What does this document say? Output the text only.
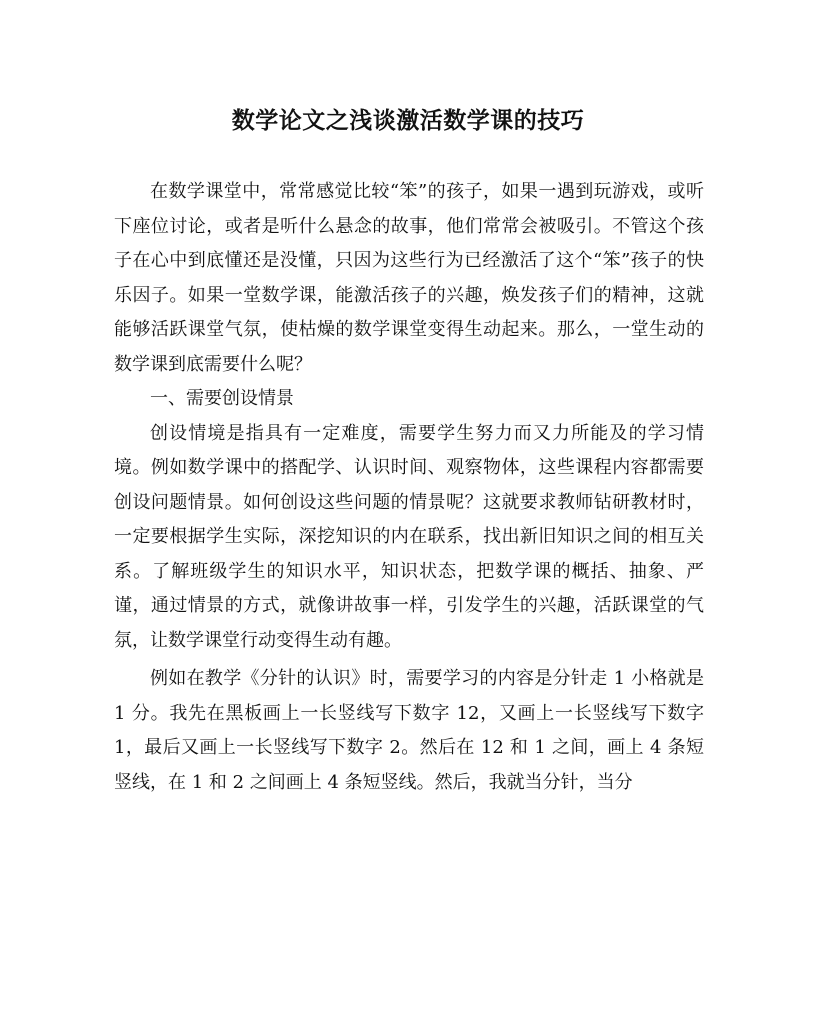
数学论文之浅谈激活数学课的技巧

在数学课堂中，常常感觉比较“笨”的孩子，如果一遇到玩游戏，或听下座位讨论，或者是听什么悬念的故事，他们常常会被吸引。不管这个孩子在心中到底懂还是没懂，只因为这些行为已经激活了这个“笨”孩子的快乐因子。如果一堂数学课，能激活孩子的兴趣，焕发孩子们的精神，这就能够活跃课堂气氛，使枯燥的数学课堂变得生动起来。那么，一堂生动的数学课到底需要什么呢？

一、需要创设情景

创设情境是指具有一定难度，需要学生努力而又力所能及的学习情境。例如数学课中的搭配学、认识时间、观察物体，这些课程内容都需要创设问题情景。如何创设这些问题的情景呢？这就要求教师钻研教材时，一定要根据学生实际，深挖知识的内在联系，找出新旧知识之间的相互关系。了解班级学生的知识水平，知识状态，把数学课的概括、抽象、严谨，通过情景的方式，就像讲故事一样，引发学生的兴趣，活跃课堂的气氛，让数学课堂行动变得生动有趣。

例如在教学《分针的认识》时，需要学习的内容是分针走 1 小格就是 1 分。我先在黑板画上一长竖线写下数字 12，又画上一长竖线写下数字 1，最后又画上一长竖线写下数字 2。然后在 12 和 1 之间，画上 4 条短竖线，在 1 和 2 之间画上 4 条短竖线。然后，我就当分针，当分
